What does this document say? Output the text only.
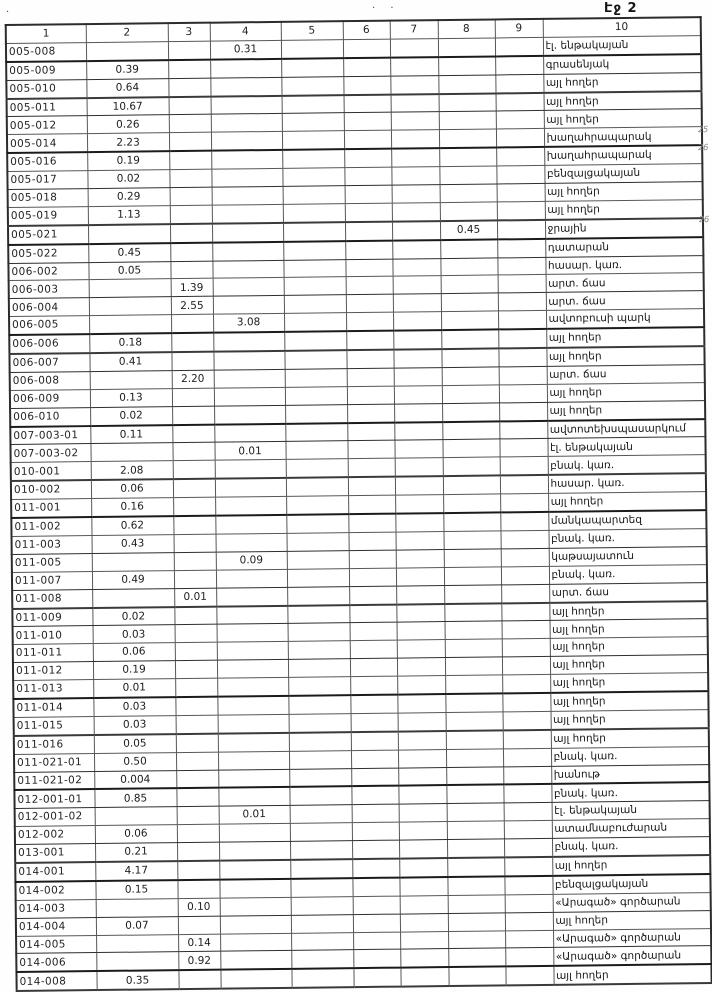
.	. .	Էջ 2
1	2	3	4	5	6	7	8	9	10
005-008			0.31						էլ. ենթակայան
005-009	0.39								գրասենյակ
005-010	0.64								այլ հողեր
005-011	10.67								այլ հողեր
005-012	0.26								այլ հողեր
005-014	2.23								խաղահրապարակ
005-016	0.19								խաղահրապարակ
005-017	0.02								բենզալցակայան
005-018	0.29								այլ հողեր
005-019	1.13								այլ հողեր
005-021							0.45		ջրային
005-022	0.45								դատարան
006-002	0.05								հասար. կառ.
006-003		1.39							արտ. ճաս
006-004		2.55							արտ. ճաս
006-005			3.08						ավտոբուսի պարկ
006-006	0.18								այլ հողեր
006-007	0.41								այլ հողեր
006-008		2.20							արտ. ճաս
006-009	0.13								այլ հողեր
006-010	0.02								այլ հողեր
007-003-01	0.11								ավտոտեխսպասարկում
007-003-02			0.01						էլ. ենթակայան
010-001	2.08								բնակ. կառ.
010-002	0.06								հասար. կառ.
011-001	0.16								այլ հողեր
011-002	0.62								մանկապարտեզ
011-003	0.43								բնակ. կառ.
011-005			0.09						կաթսայատուն
011-007	0.49								բնակ. կառ.
011-008		0.01							արտ. ճաս
011-009	0.02								այլ հողեր
011-010	0.03								այլ հողեր
011-011	0.06								այլ հողեր
011-012	0.19								այլ հողեր
011-013	0.01								այլ հողեր
011-014	0.03								այլ հողեր
011-015	0.03								այլ հողեր
011-016	0.05								այլ հողեր
011-021-01	0.50								բնակ. կառ.
011-021-02	0.004								խանութ
012-001-01	0.85								բնակ. կառ.
012-001-02			0.01						էլ. ենթակայան
012-002	0.06								ատամնաբուժարան
013-001	0.21								բնակ. կառ.
014-001	4.17								այլ հողեր
014-002	0.15								բենզալցակայան
014-003		0.10							«Արագած» գործարան
014-004	0.07								այլ հողեր
014-005		0.14							«Արագած» գործարան
014-006		0.92							«Արագած» գործարան
014-008	0.35								այլ հողեր
25
26
26
